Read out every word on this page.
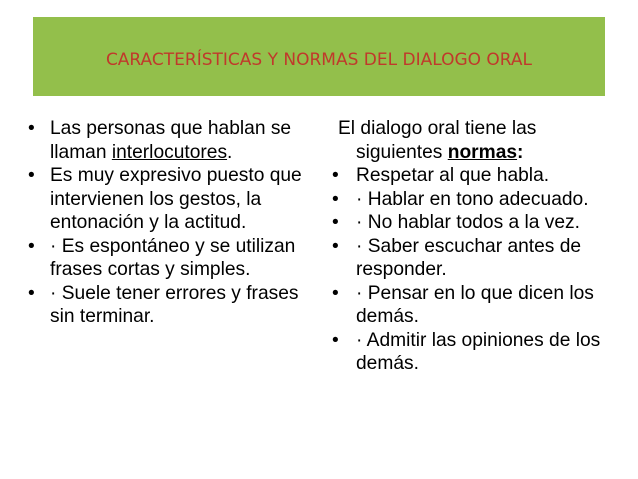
CARACTERÍSTICAS Y NORMAS DEL DIALOGO ORAL
• Las personas que hablan se llaman interlocutores.
• Es muy expresivo puesto que intervienen los gestos, la entonación y la actitud.
• · Es espontáneo y se utilizan frases cortas y simples.
• · Suele tener errores y frases sin terminar.
El dialogo oral tiene las
siguientes normas:
• Respetar al que habla.
• · Hablar en tono adecuado.
• · No hablar todos a la vez.
• · Saber escuchar antes de responder.
• · Pensar en lo que dicen los demás.
• · Admitir las opiniones de los demás.
